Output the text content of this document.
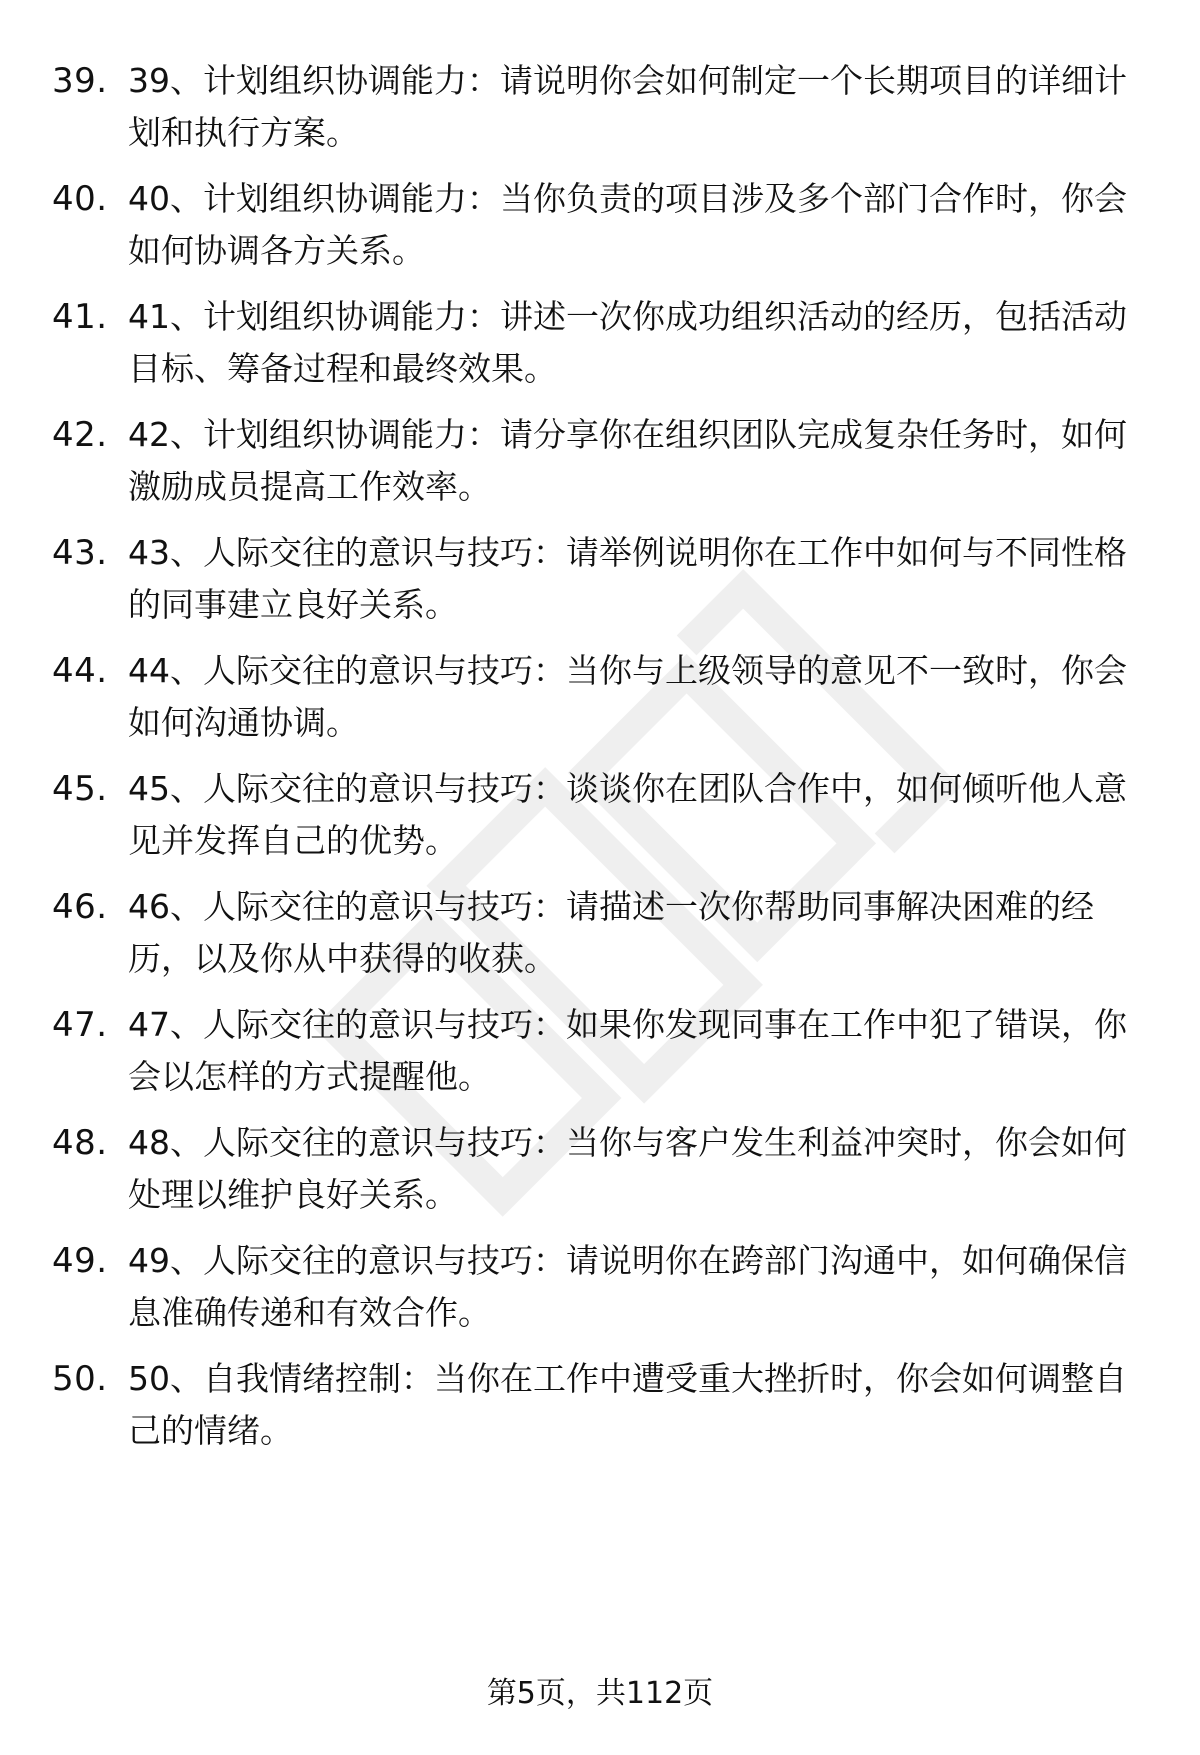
39. 39、计划组织协调能力：请说明你会如何制定一个长期项目的详细计划和执行方案。
40. 40、计划组织协调能力：当你负责的项目涉及多个部门合作时，你会如何协调各方关系。
41. 41、计划组织协调能力：讲述一次你成功组织活动的经历，包括活动目标、筹备过程和最终效果。
42. 42、计划组织协调能力：请分享你在组织团队完成复杂任务时，如何激励成员提高工作效率。
43. 43、人际交往的意识与技巧：请举例说明你在工作中如何与不同性格的同事建立良好关系。
44. 44、人际交往的意识与技巧：当你与上级领导的意见不一致时，你会如何沟通协调。
45. 45、人际交往的意识与技巧：谈谈你在团队合作中，如何倾听他人意见并发挥自己的优势。
46. 46、人际交往的意识与技巧：请描述一次你帮助同事解决困难的经历，以及你从中获得的收获。
47. 47、人际交往的意识与技巧：如果你发现同事在工作中犯了错误，你会以怎样的方式提醒他。
48. 48、人际交往的意识与技巧：当你与客户发生利益冲突时，你会如何处理以维护良好关系。
49. 49、人际交往的意识与技巧：请说明你在跨部门沟通中，如何确保信息准确传递和有效合作。
50. 50、自我情绪控制：当你在工作中遭受重大挫折时，你会如何调整自己的情绪。
第5页，共112页
